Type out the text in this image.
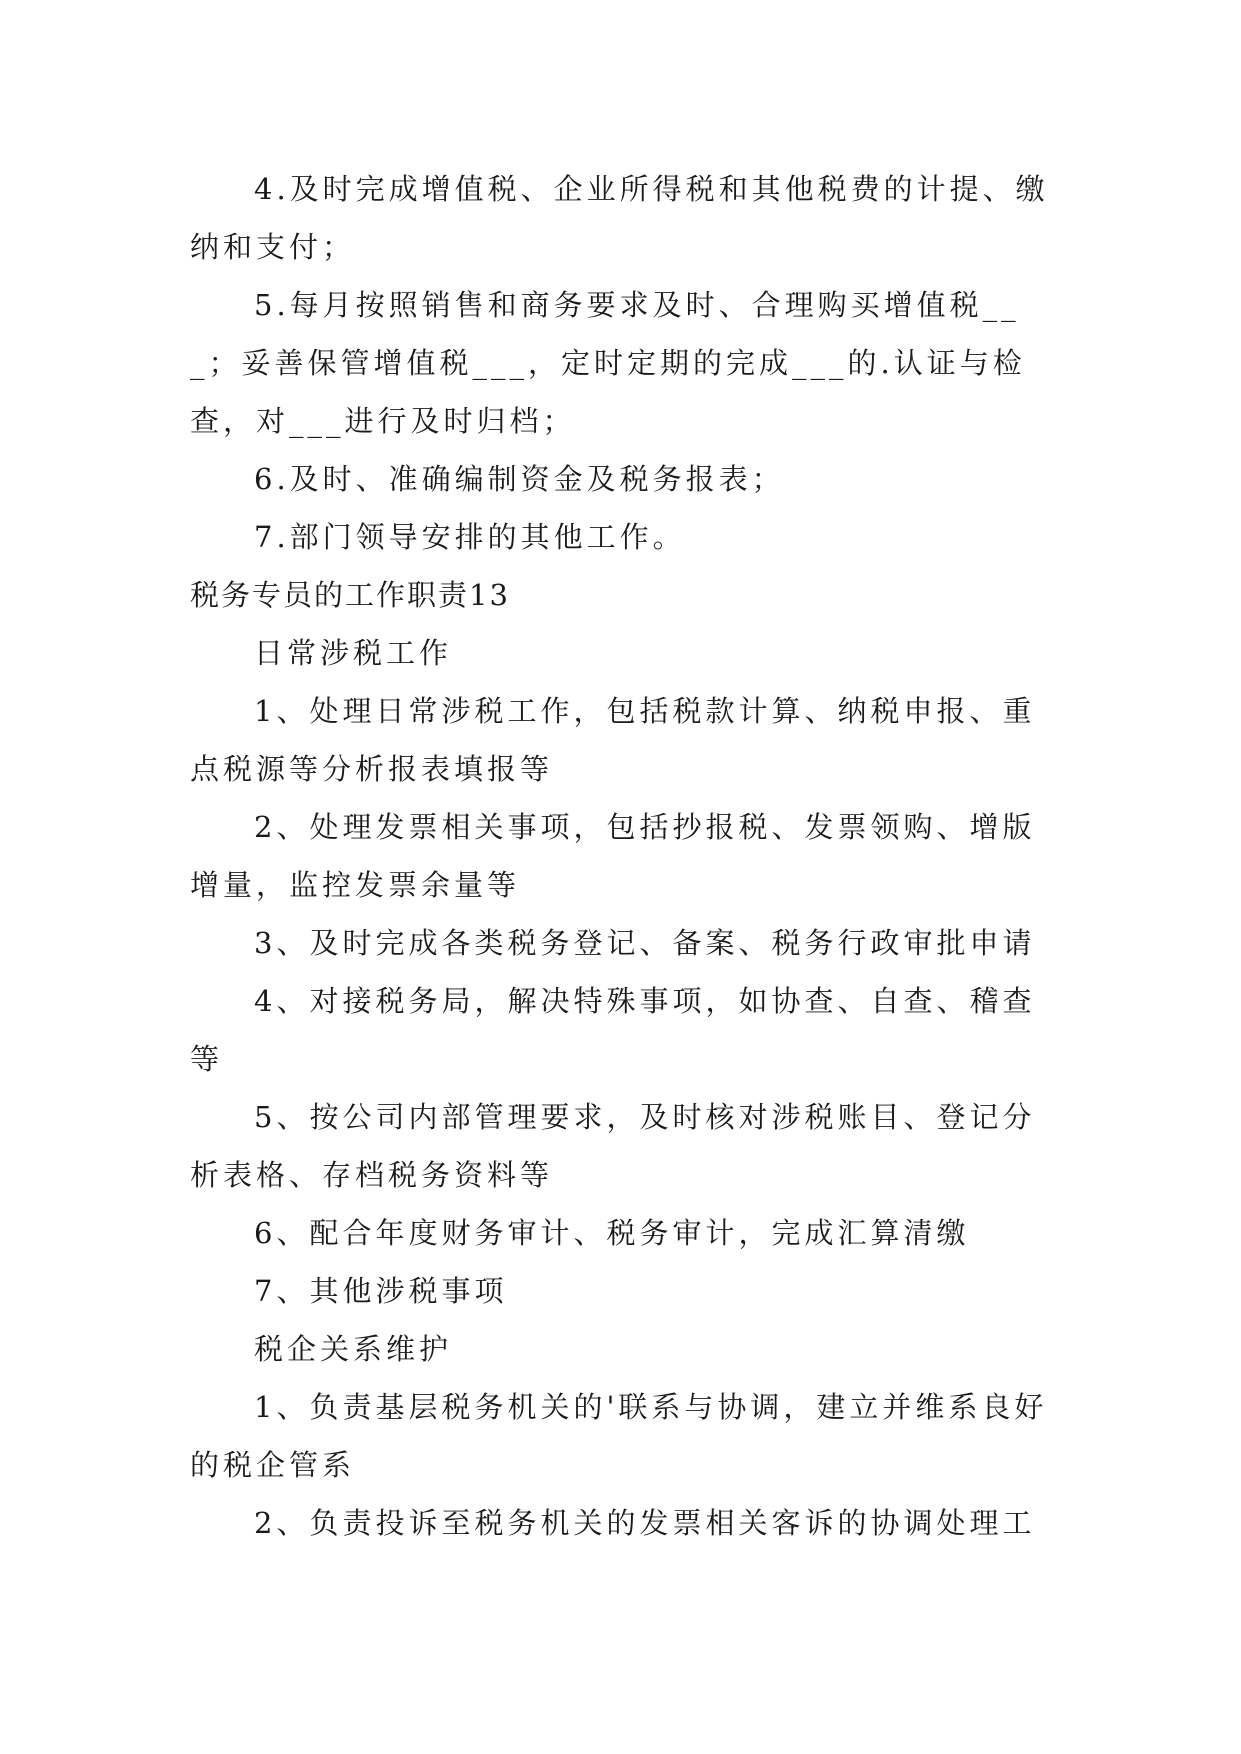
4.及时完成增值税、企业所得税和其他税费的计提、缴纳和支付；

5.每月按照销售和商务要求及时、合理购买增值税___；妥善保管增值税___，定时定期的完成___的.认证与检查，对___进行及时归档；

6.及时、准确编制资金及税务报表；

7.部门领导安排的其他工作。

税务专员的工作职责13

日常涉税工作

1、处理日常涉税工作，包括税款计算、纳税申报、重点税源等分析报表填报等

2、处理发票相关事项，包括抄报税、发票领购、增版增量，监控发票余量等

3、及时完成各类税务登记、备案、税务行政审批申请

4、对接税务局，解决特殊事项，如协查、自查、稽查等

5、按公司内部管理要求，及时核对涉税账目、登记分析表格、存档税务资料等

6、配合年度财务审计、税务审计，完成汇算清缴

7、其他涉税事项

税企关系维护

1、负责基层税务机关的'联系与协调，建立并维系良好的税企管系

2、负责投诉至税务机关的发票相关客诉的协调处理工
